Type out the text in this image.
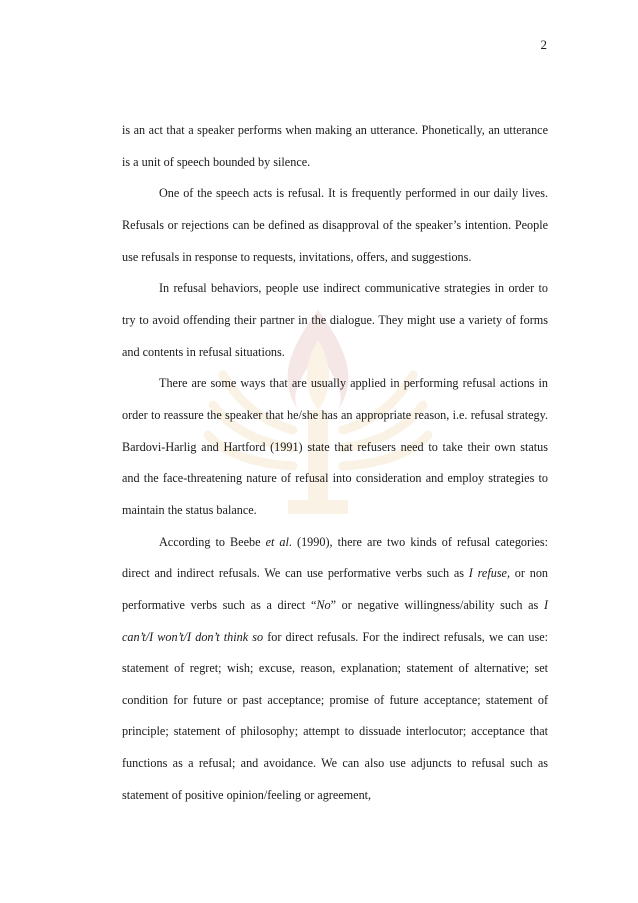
2

is an act that a speaker performs when making an utterance. Phonetically, an utterance is a unit of speech bounded by silence.

One of the speech acts is refusal. It is frequently performed in our daily lives. Refusals or rejections can be defined as disapproval of the speaker’s intention. People use refusals in response to requests, invitations, offers, and suggestions.

In refusal behaviors, people use indirect communicative strategies in order to try to avoid offending their partner in the dialogue. They might use a variety of forms and contents in refusal situations.

There are some ways that are usually applied in performing refusal actions in order to reassure the speaker that he/she has an appropriate reason, i.e. refusal strategy. Bardovi-Harlig and Hartford (1991) state that refusers need to take their own status and the face-threatening nature of refusal into consideration and employ strategies to maintain the status balance.

According to Beebe et al. (1990), there are two kinds of refusal categories: direct and indirect refusals. We can use performative verbs such as I refuse, or non performative verbs such as a direct “No” or negative willingness/ability such as I can’t/I won’t/I don’t think so for direct refusals. For the indirect refusals, we can use: statement of regret; wish; excuse, reason, explanation; statement of alternative; set condition for future or past acceptance; promise of future acceptance; statement of principle; statement of philosophy; attempt to dissuade interlocutor; acceptance that functions as a refusal; and avoidance. We can also use adjuncts to refusal such as statement of positive opinion/feeling or agreement,
